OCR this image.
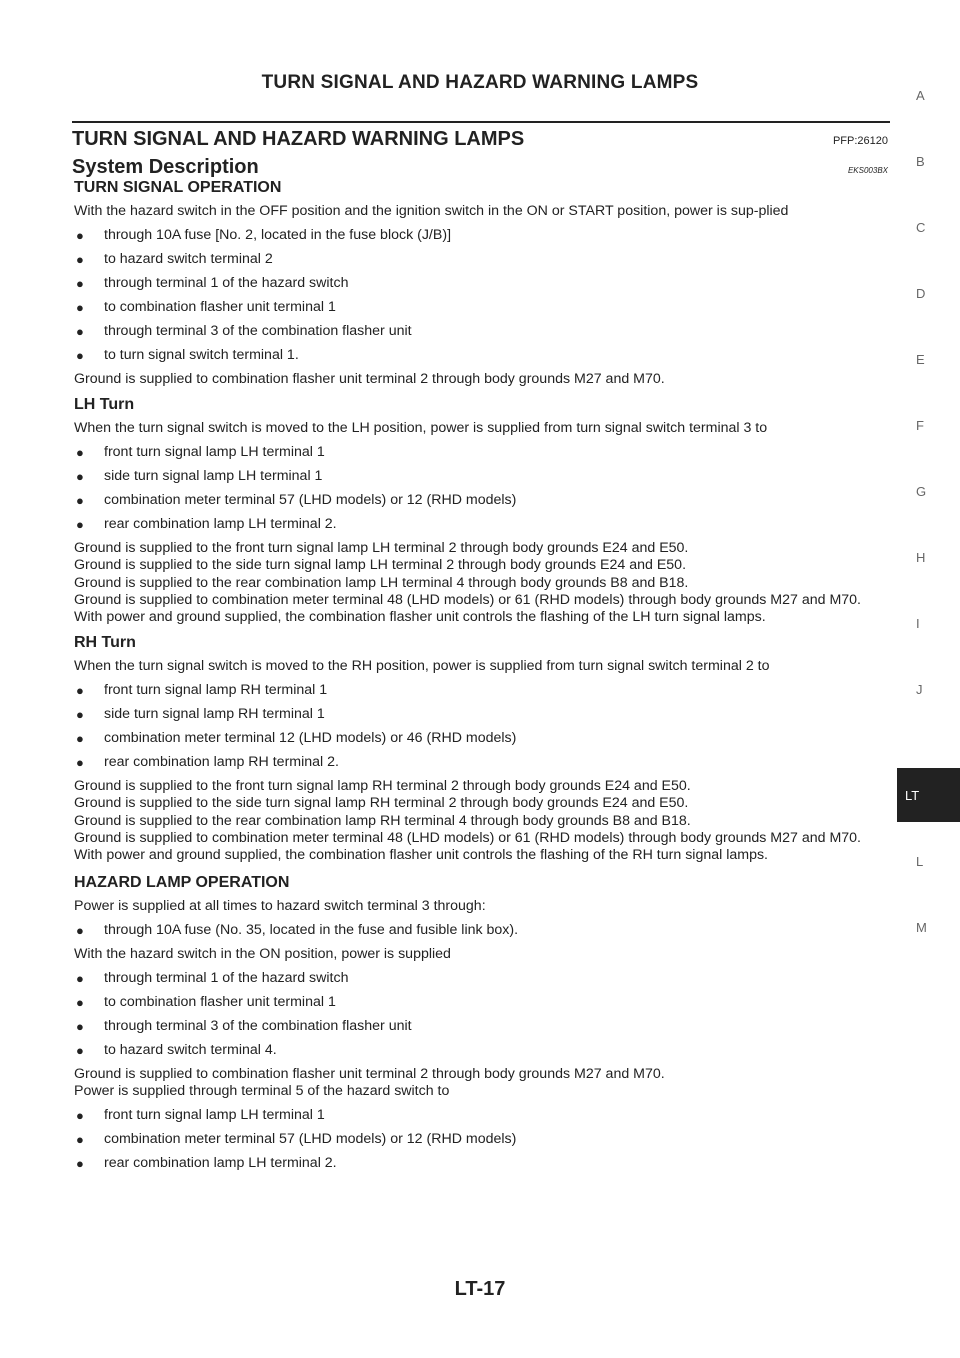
TURN SIGNAL AND HAZARD WARNING LAMPS
TURN SIGNAL AND HAZARD WARNING LAMPS	PFP:26120
System Description	EKS003BX
TURN SIGNAL OPERATION

With the hazard switch in the OFF position and the ignition switch in the ON or START position, power is sup-plied

● through 10A fuse [No. 2, located in the fuse block (J/B)]
● to hazard switch terminal 2
● through terminal 1 of the hazard switch
● to combination flasher unit terminal 1
● through terminal 3 of the combination flasher unit
● to turn signal switch terminal 1.

Ground is supplied to combination flasher unit terminal 2 through body grounds M27 and M70.

LH Turn

When the turn signal switch is moved to the LH position, power is supplied from turn signal switch terminal 3 to

● front turn signal lamp LH terminal 1
● side turn signal lamp LH terminal 1
● combination meter terminal 57 (LHD models) or 12 (RHD models)
● rear combination lamp LH terminal 2.

Ground is supplied to the front turn signal lamp LH terminal 2 through body grounds E24 and E50.

Ground is supplied to the side turn signal lamp LH terminal 2 through body grounds E24 and E50.

Ground is supplied to the rear combination lamp LH terminal 4 through body grounds B8 and B18.

Ground is supplied to combination meter terminal 48 (LHD models) or 61 (RHD models) through body grounds M27 and M70.

With power and ground supplied, the combination flasher unit controls the flashing of the LH turn signal lamps.

RH Turn

When the turn signal switch is moved to the RH position, power is supplied from turn signal switch terminal 2 to

● front turn signal lamp RH terminal 1
● side turn signal lamp RH terminal 1
● combination meter terminal 12 (LHD models) or 46 (RHD models)
● rear combination lamp RH terminal 2.

Ground is supplied to the front turn signal lamp RH terminal 2 through body grounds E24 and E50.

Ground is supplied to the side turn signal lamp RH terminal 2 through body grounds E24 and E50.

Ground is supplied to the rear combination lamp RH terminal 4 through body grounds B8 and B18.

Ground is supplied to combination meter terminal 48 (LHD models) or 61 (RHD models) through body grounds M27 and M70.

With power and ground supplied, the combination flasher unit controls the flashing of the RH turn signal lamps.

HAZARD LAMP OPERATION

Power is supplied at all times to hazard switch terminal 3 through:

● through 10A fuse (No. 35, located in the fuse and fusible link box).

With the hazard switch in the ON position, power is supplied

● through terminal 1 of the hazard switch
● to combination flasher unit terminal 1
● through terminal 3 of the combination flasher unit
● to hazard switch terminal 4.

Ground is supplied to combination flasher unit terminal 2 through body grounds M27 and M70.

Power is supplied through terminal 5 of the hazard switch to

● front turn signal lamp LH terminal 1
● combination meter terminal 57 (LHD models) or 12 (RHD models)
● rear combination lamp LH terminal 2.
A
B
C
D
E
F
G
H
I
J
L
M
LT
LT-17
